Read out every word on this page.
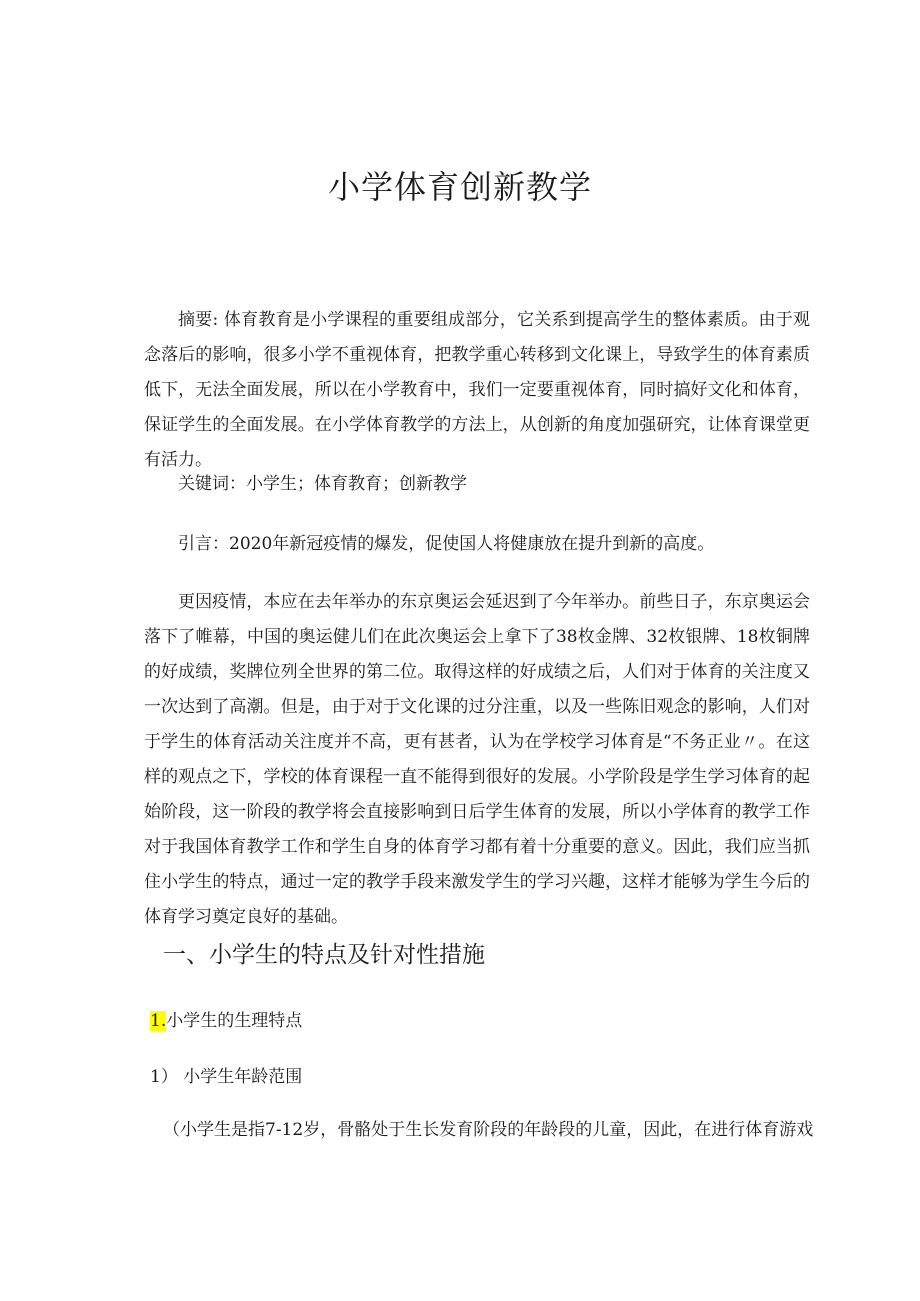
小学体育创新教学

摘要: 体育教育是小学课程的重要组成部分，它关系到提高学生的整体素质。由于观念落后的影响，很多小学不重视体育，把教学重心转移到文化课上，导致学生的体育素质低下，无法全面发展，所以在小学教育中，我们一定要重视体育，同时搞好文化和体育，保证学生的全面发展。在小学体育教学的方法上，从创新的角度加强研究，让体育课堂更有活力。

关键词：小学生；体育教育；创新教学

引言：2020年新冠疫情的爆发，促使国人将健康放在提升到新的高度。

更因疫情，本应在去年举办的东京奥运会延迟到了今年举办。前些日子，东京奥运会落下了帷幕，中国的奥运健儿们在此次奥运会上拿下了38枚金牌、32枚银牌、18枚铜牌的好成绩，奖牌位列全世界的第二位。取得这样的好成绩之后，人们对于体育的关注度又一次达到了高潮。但是，由于对于文化课的过分注重，以及一些陈旧观念的影响，人们对于学生的体育活动关注度并不高，更有甚者，认为在学校学习体育是“不务正业〃。在这样的观点之下，学校的体育课程一直不能得到很好的发展。小学阶段是学生学习体育的起始阶段，这一阶段的教学将会直接影响到日后学生体育的发展，所以小学体育的教学工作对于我国体育教学工作和学生自身的体育学习都有着十分重要的意义。因此，我们应当抓住小学生的特点，通过一定的教学手段来激发学生的学习兴趣，这样才能够为学生今后的体育学习奠定良好的基础。

一、小学生的特点及针对性措施

1.小学生的生理特点

1） 小学生年龄范围

（小学生是指7-12岁，骨骼处于生长发育阶段的年龄段的儿童，因此，在进行体育游戏
